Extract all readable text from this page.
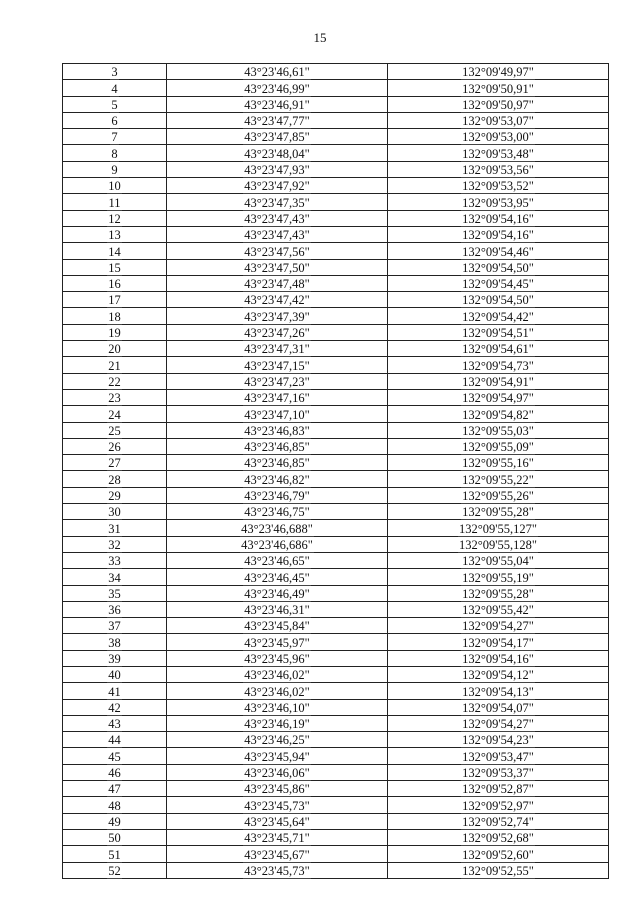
15
3	43°23'46,61"	132°09'49,97"
4	43°23'46,99"	132°09'50,91"
5	43°23'46,91"	132°09'50,97"
6	43°23'47,77"	132°09'53,07"
7	43°23'47,85"	132°09'53,00"
8	43°23'48,04"	132°09'53,48"
9	43°23'47,93"	132°09'53,56"
10	43°23'47,92"	132°09'53,52"
11	43°23'47,35"	132°09'53,95"
12	43°23'47,43"	132°09'54,16"
13	43°23'47,43"	132°09'54,16"
14	43°23'47,56"	132°09'54,46"
15	43°23'47,50"	132°09'54,50"
16	43°23'47,48"	132°09'54,45"
17	43°23'47,42"	132°09'54,50"
18	43°23'47,39"	132°09'54,42"
19	43°23'47,26"	132°09'54,51"
20	43°23'47,31"	132°09'54,61"
21	43°23'47,15"	132°09'54,73"
22	43°23'47,23"	132°09'54,91"
23	43°23'47,16"	132°09'54,97"
24	43°23'47,10"	132°09'54,82"
25	43°23'46,83"	132°09'55,03"
26	43°23'46,85"	132°09'55,09"
27	43°23'46,85"	132°09'55,16"
28	43°23'46,82"	132°09'55,22"
29	43°23'46,79"	132°09'55,26"
30	43°23'46,75"	132°09'55,28"
31	43°23'46,688"	132°09'55,127"
32	43°23'46,686"	132°09'55,128"
33	43°23'46,65"	132°09'55,04"
34	43°23'46,45"	132°09'55,19"
35	43°23'46,49"	132°09'55,28"
36	43°23'46,31"	132°09'55,42"
37	43°23'45,84"	132°09'54,27"
38	43°23'45,97"	132°09'54,17"
39	43°23'45,96"	132°09'54,16"
40	43°23'46,02"	132°09'54,12"
41	43°23'46,02"	132°09'54,13"
42	43°23'46,10"	132°09'54,07"
43	43°23'46,19"	132°09'54,27"
44	43°23'46,25"	132°09'54,23"
45	43°23'45,94"	132°09'53,47"
46	43°23'46,06"	132°09'53,37"
47	43°23'45,86"	132°09'52,87"
48	43°23'45,73"	132°09'52,97"
49	43°23'45,64"	132°09'52,74"
50	43°23'45,71"	132°09'52,68"
51	43°23'45,67"	132°09'52,60"
52	43°23'45,73"	132°09'52,55"
